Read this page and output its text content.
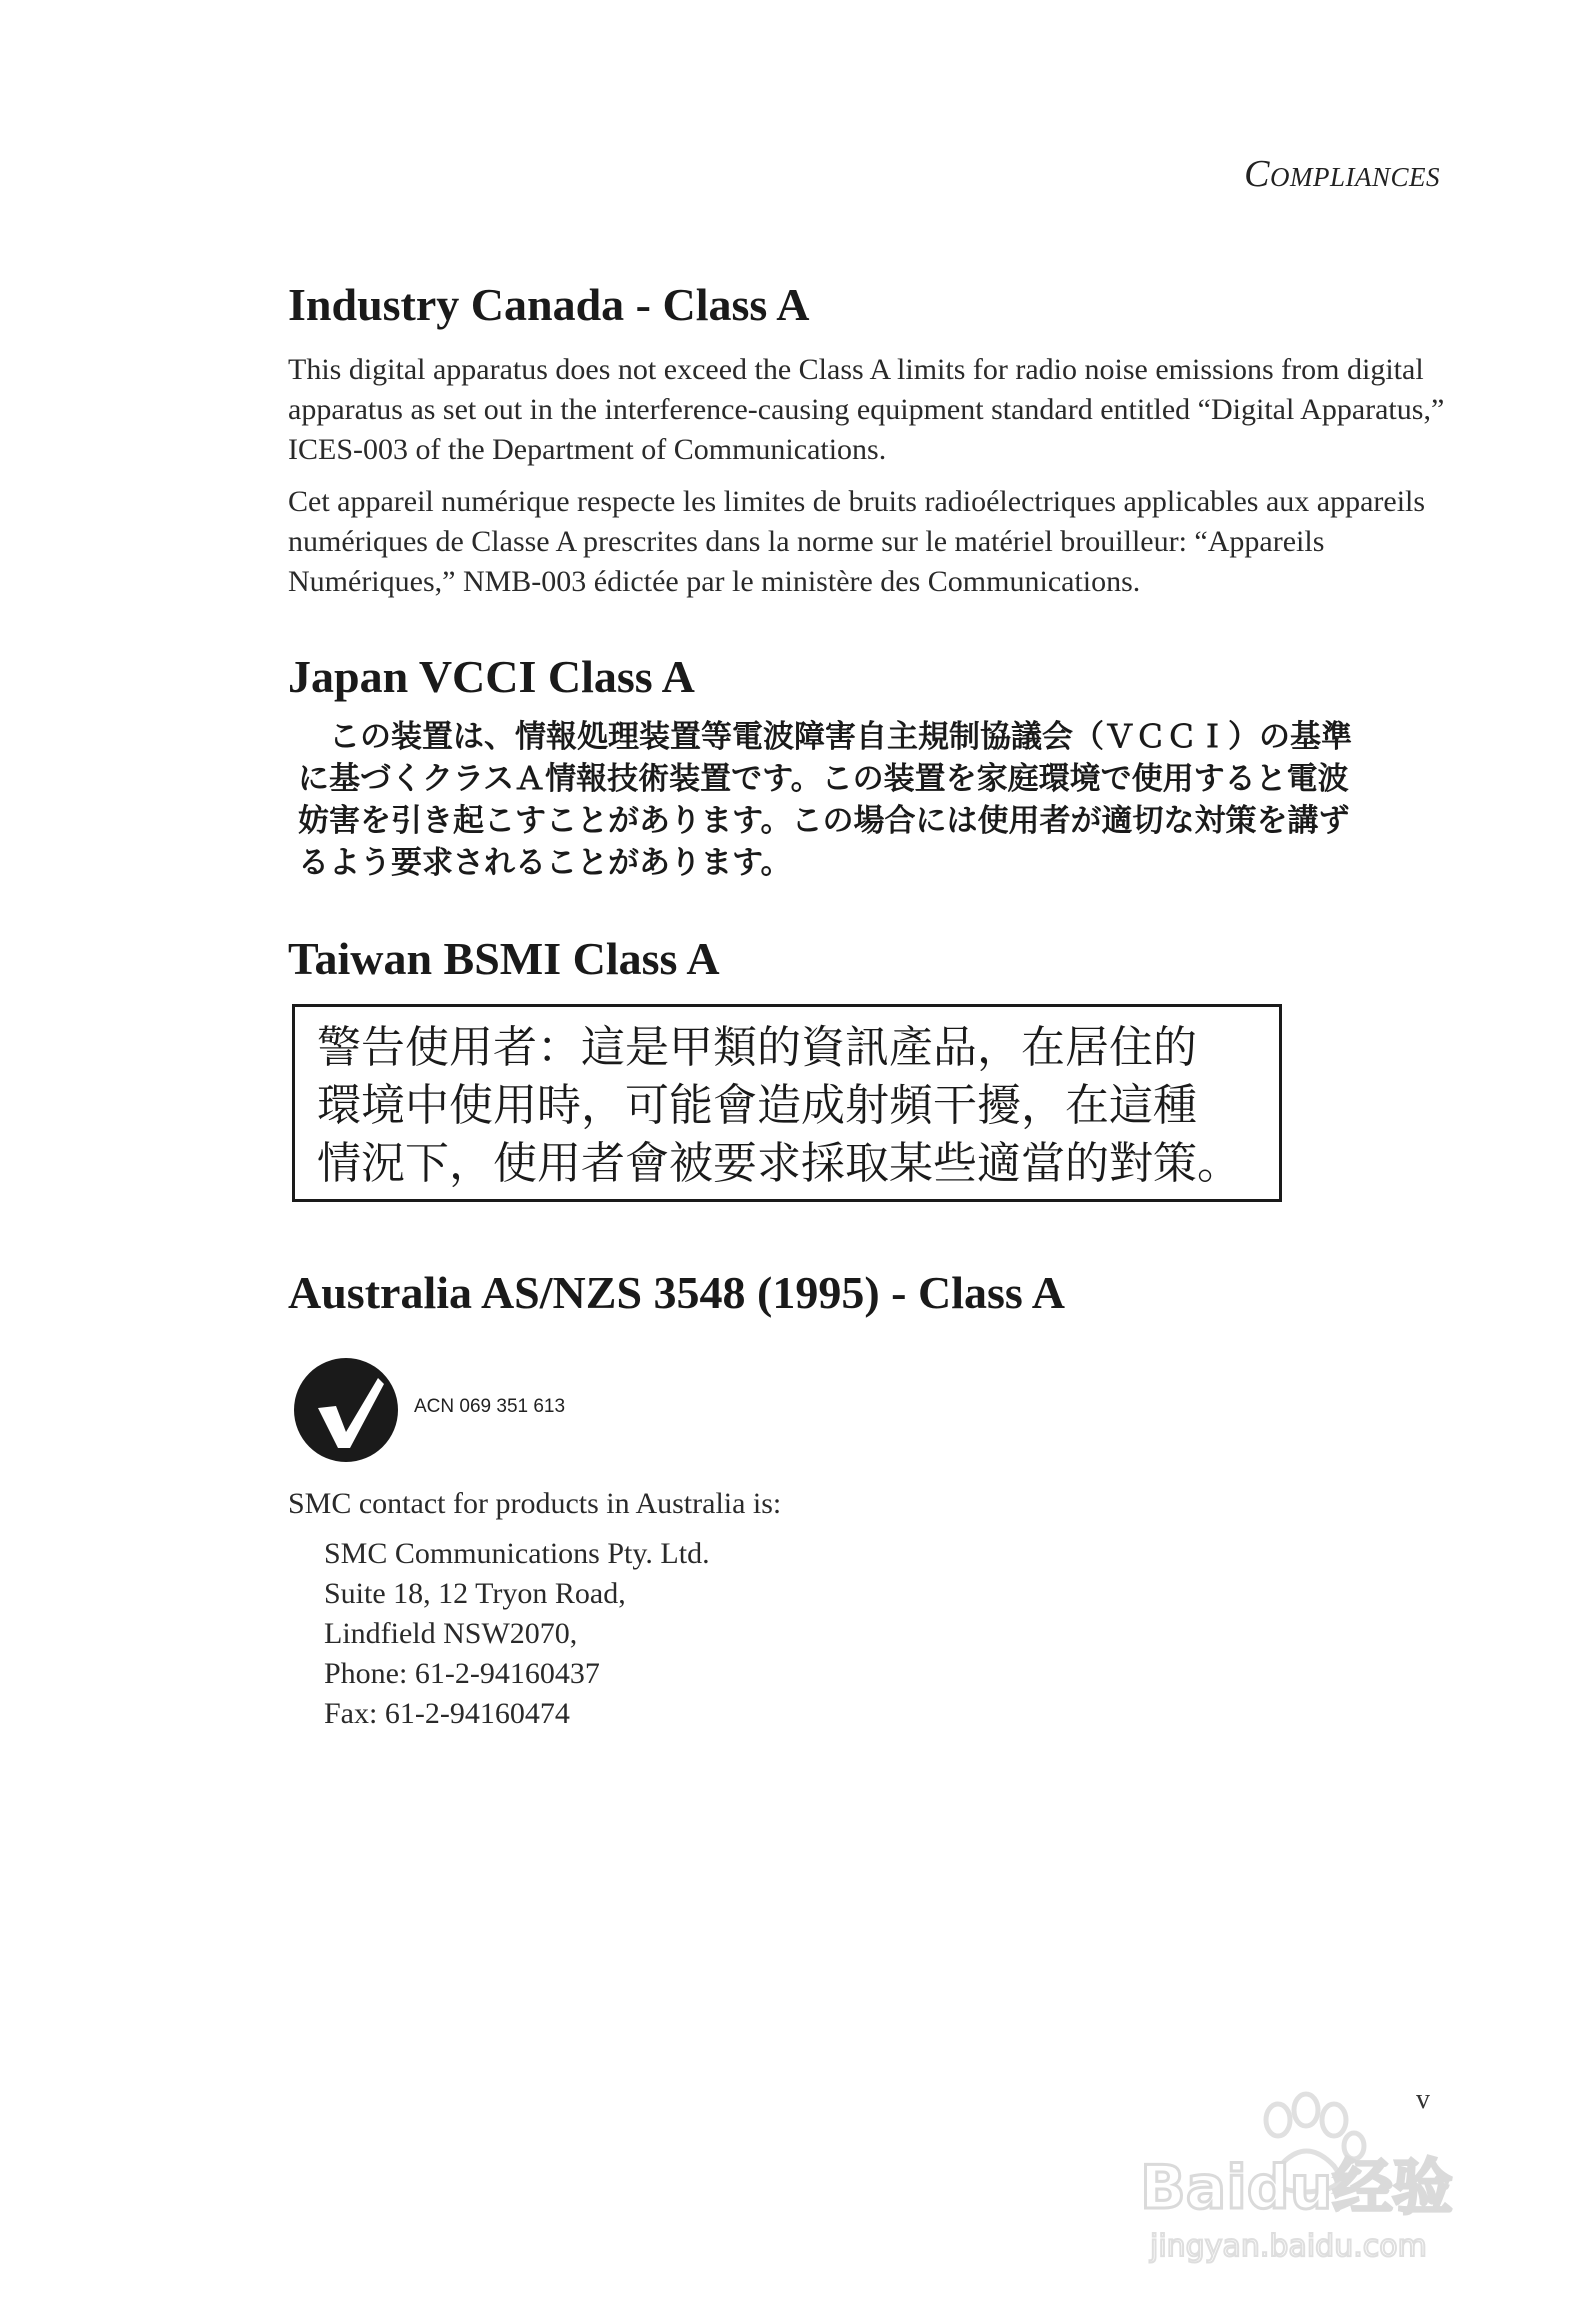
Compliances
Industry Canada - Class A

This digital apparatus does not exceed the Class A limits for radio noise emissions from digital apparatus as set out in the interference-causing equipment standard entitled “Digital Apparatus,” ICES-003 of the Department of Communications.

Cet appareil numérique respecte les limites de bruits radioélectriques applicables aux appareils numériques de Classe A prescrites dans la norme sur le matériel brouilleur: “Appareils Numériques,” NMB-003 édictée par le ministère des Communications.

Japan VCCI Class A
　この装置は、情報処理装置等電波障害自主規制協議会（ＶＣＣＩ）の基準
に基づくクラスＡ情報技術装置です。この装置を家庭環境で使用すると電波
妨害を引き起こすことがあります。この場合には使用者が適切な対策を講ず
るよう要求されることがあります。
Taiwan BSMI Class A
警告使用者：這是甲類的資訊產品，在居住的
環境中使用時，可能會造成射頻干擾，在這種
情況下，使用者會被要求採取某些適當的對策。
Australia AS/NZS 3548 (1995) - Class A
ACN 069 351 613

SMC contact for products in Australia is:

SMC Communications Pty. Ltd.
Suite 18, 12 Tryon Road,
Lindfield NSW2070,
Phone: 61-2-94160437
Fax: 61-2-94160474
v
Baidu经验
jingyan.baidu.com
